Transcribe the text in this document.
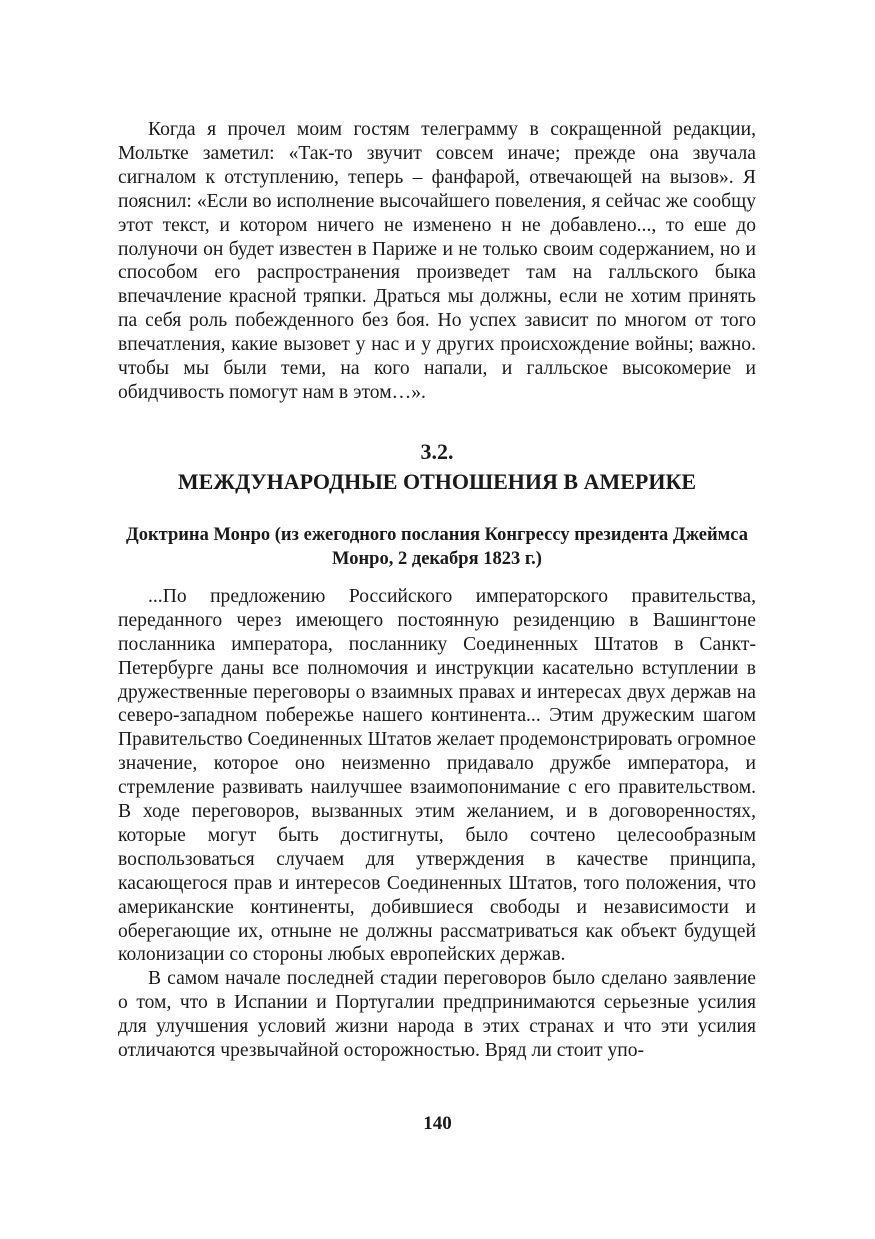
Когда я прочел моим гостям телеграмму в сокращенной редакции, Мольтке заметил: «Так-то звучит совсем иначе; прежде она звучала сигналом к отступлению, теперь – фанфарой, отвечающей на вызов». Я пояснил: «Если во исполнение высочайшего повеления, я сейчас же сообщу этот текст, и котором ничего не изменено н не добавлено..., то еше до полуночи он будет известен в Париже и не только своим содержанием, но и способом его распространения произведет там на галльского быка впечачление красной тряпки. Драться мы должны, если не хотим принять па себя роль побежденного без боя. Но успех зависит по многом от того впечатления, какие вызовет у нас и у других происхождение войны; важно. чтобы мы были теми, на кого напали, и галльское высокомерие и обидчивость помогут нам в этом…».

3.2.
МЕЖДУНАРОДНЫЕ ОТНОШЕНИЯ В АМЕРИКЕ
Доктрина Монро (из ежегодного послания Конгрессу президента Джеймса Монро, 2 декабря 1823 г.)

...По предложению Российского императорского правительства, переданного через имеющего постоянную резиденцию в Вашингтоне посланника императора, посланнику Соединенных Штатов в Санкт-Петербурге даны все полномочия и инструкции касательно вступлении в дружественные переговоры о взаимных правах и интересах двух держав на северо-западном побережье нашего континента... Этим дружеским шагом Правительство Соединенных Штатов желает продемонстрировать огромное значение, которое оно неизменно придавало дружбе императора, и стремление развивать наилучшее взаимопонимание с его правительством. В ходе переговоров, вызванных этим желанием, и в договоренностях, которые могут быть достигнуты, было сочтено целесообразным воспользоваться случаем для утверждения в качестве принципа, касающегося прав и интересов Соединенных Штатов, того положения, что американские континенты, добившиеся свободы и независимости и оберегающие их, отныне не должны рассматриваться как объект будущей колонизации со стороны любых европейских держав.

В самом начале последней стадии переговоров было сделано заявление о том, что в Испании и Португалии предпринимаются серьезные усилия для улучшения условий жизни народа в этих странах и что эти усилия отличаются чрезвычайной осторожностью. Вряд ли стоит упо-

140
